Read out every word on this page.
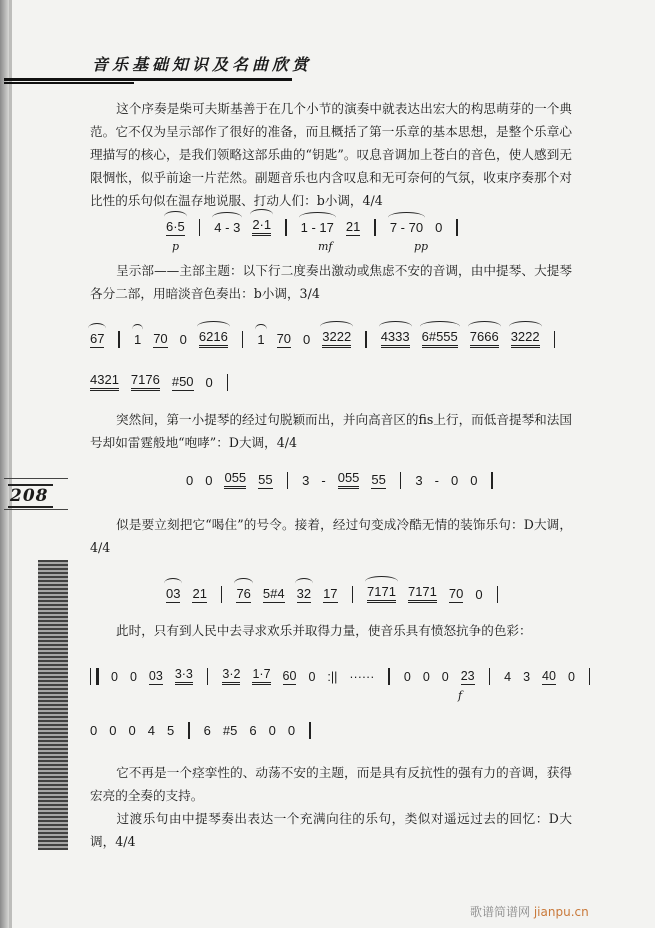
音乐基础知识及名曲欣赏
208
这个序奏是柴可夫斯基善于在几个小节的演奏中就表达出宏大的构思萌芽的一个典范。它不仅为呈示部作了很好的准备，而且概括了第一乐章的基本思想，是整个乐章心理描写的核心，是我们领略这部乐曲的“钥匙”。叹息音调加上苍白的音色，使人感到无限惆怅，似乎前途一片茫然。副题音乐也内含叹息和无可奈何的气氛，收束序奏那个对比性的乐句似在温存地说服、打动人们：b小调，4/4
6·5 4 - 3 2·1 1 - 17 21 7 - 70 0
p	mf	pp
呈示部——主部主题：以下行二度奏出激动或焦虑不安的音调，由中提琴、大提琴各分二部，用暗淡音色奏出：b小调，3/4
67 1 70 0 6216 1 70 0 3222 4333 6#555 7666 3222
4321 7176 #50 0
突然间，第一小提琴的经过句脱颖而出，并向高音区的fis上行，而低音提琴和法国号却如雷霆般地“咆哮”：D大调，4/4
0 0 055 55 3 - 055 55 3 - 0 0
似是要立刻把它“喝住”的号令。接着，经过句变成冷酷无情的装饰乐句：D大调，4/4
03 21 76 5#4 32 17 7171 7171 70 0
此时，只有到人民中去寻求欢乐并取得力量，使音乐具有愤怒抗争的色彩：
0 0 03 3·3 3·2 1·7 60 0 :|| ······ 0 0 0 23 4 3 40 0
f
0 0 0 4 5 6 #5 6 0 0
它不再是一个痉挛性的、动荡不安的主题，而是具有反抗性的强有力的音调，获得宏亮的全奏的支持。
过渡乐句由中提琴奏出表达一个充满向往的乐句，类似对遥远过去的回忆：D大调，4/4
歌谱简谱网 jianpu.cn
